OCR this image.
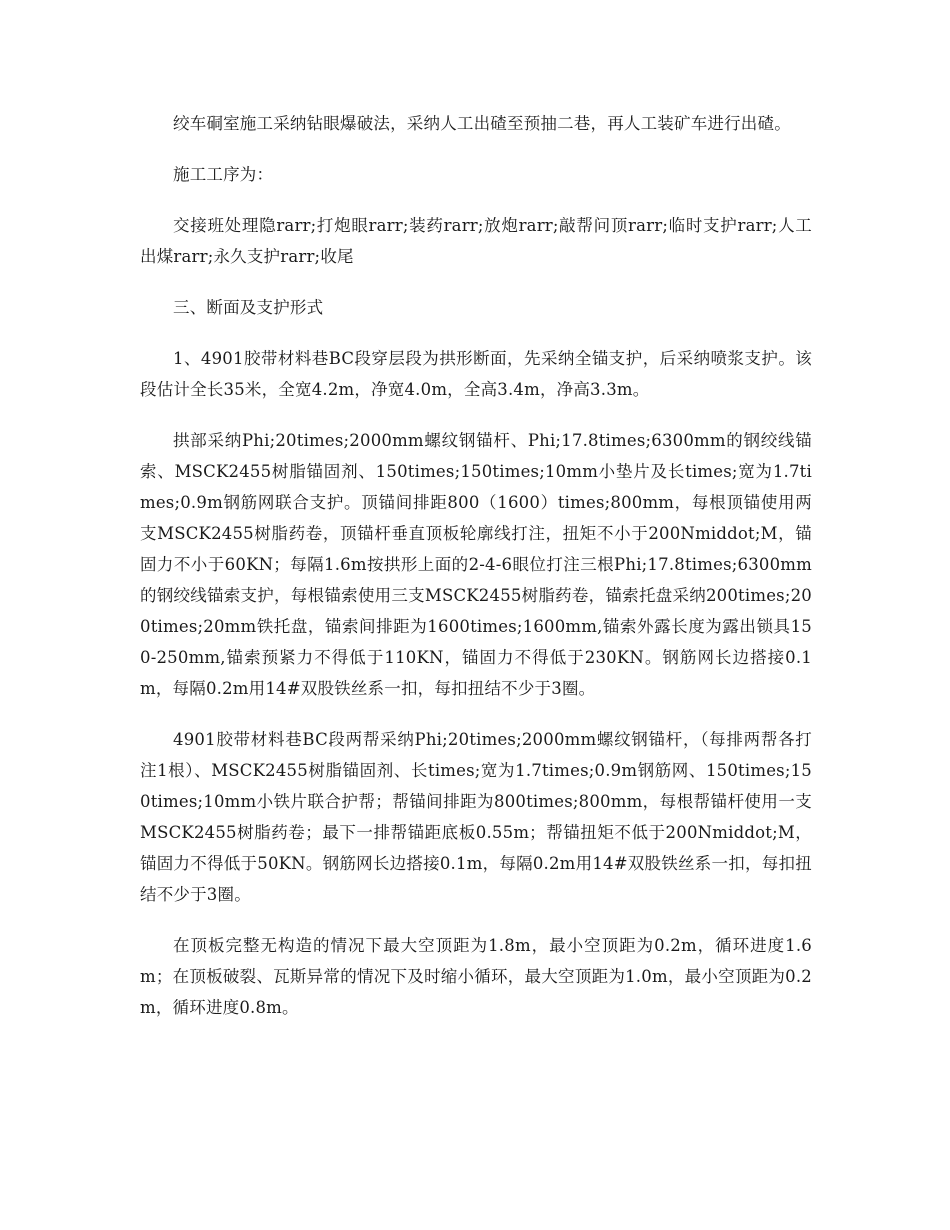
绞车硐室施工采纳钻眼爆破法，采纳人工出碴至预抽二巷，再人工装矿车进行出碴。

施工工序为：

交接班处理隐rarr;打炮眼rarr;装药rarr;放炮rarr;敲帮问顶rarr;临时支护rarr;人工出煤rarr;永久支护rarr;收尾

三、断面及支护形式

1、4901胶带材料巷BC段穿层段为拱形断面，先采纳全锚支护，后采纳喷浆支护。该段估计全长35米，全宽4.2m，净宽4.0m，全高3.4m，净高3.3m。

拱部采纳Phi;20times;2000mm螺纹钢锚杆、Phi;17.8times;6300mm的钢绞线锚索、MSCK2455树脂锚固剂、150times;150times;10mm小垫片及长times;宽为1.7times;0.9m钢筋网联合支护。顶锚间排距800（1600）times;800mm，每根顶锚使用两支MSCK2455树脂药卷，顶锚杆垂直顶板轮廓线打注，扭矩不小于200Nmiddot;M，锚固力不小于60KN；每隔1.6m按拱形上面的2-4-6眼位打注三根Phi;17.8times;6300mm的钢绞线锚索支护，每根锚索使用三支MSCK2455树脂药卷，锚索托盘采纳200times;200times;20mm铁托盘，锚索间排距为1600times;1600mm,锚索外露长度为露出锁具150-250mm,锚索预紧力不得低于110KN，锚固力不得低于230KN。钢筋网长边搭接0.1m，每隔0.2m用14#双股铁丝系一扣，每扣扭结不少于3圈。

4901胶带材料巷BC段两帮采纳Phi;20times;2000mm螺纹钢锚杆，（每排两帮各打注1根）、MSCK2455树脂锚固剂、长times;宽为1.7times;0.9m钢筋网、150times;150times;10mm小铁片联合护帮；帮锚间排距为800times;800mm，每根帮锚杆使用一支MSCK2455树脂药卷；最下一排帮锚距底板0.55m；帮锚扭矩不低于200Nmiddot;M，锚固力不得低于50KN。钢筋网长边搭接0.1m，每隔0.2m用14#双股铁丝系一扣，每扣扭结不少于3圈。

在顶板完整无构造的情况下最大空顶距为1.8m，最小空顶距为0.2m，循环进度1.6m；在顶板破裂、瓦斯异常的情况下及时缩小循环，最大空顶距为1.0m，最小空顶距为0.2m，循环进度0.8m。
